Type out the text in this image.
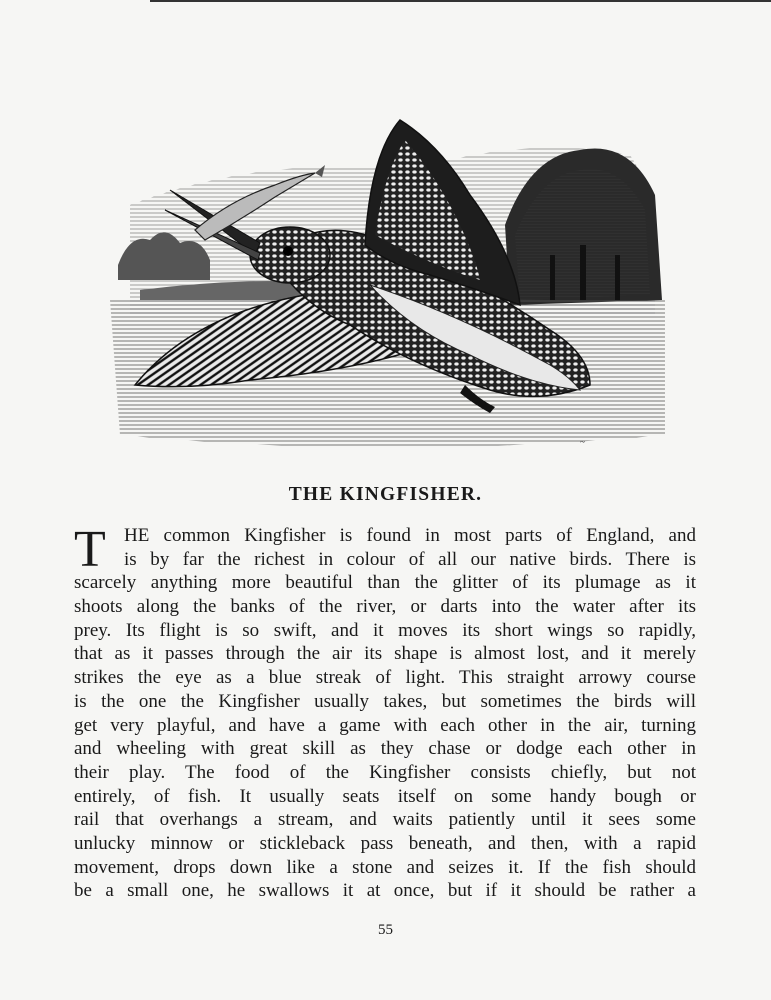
~
THE KINGFISHER.
T HE common Kingfisher is found in most parts of England, and
is by far the richest in colour of all our native birds. There is
scarcely anything more beautiful than the glitter of its plumage as it
shoots along the banks of the river, or darts into the water after its
prey. Its flight is so swift, and it moves its short wings so rapidly,
that as it passes through the air its shape is almost lost, and it merely
strikes the eye as a blue streak of light. This straight arrowy course
is the one the Kingfisher usually takes, but sometimes the birds will
get very playful, and have a game with each other in the air, turning
and wheeling with great skill as they chase or dodge each other in
their play. The food of the Kingfisher consists chiefly, but not
entirely, of fish. It usually seats itself on some handy bough or
rail that overhangs a stream, and waits patiently until it sees some
unlucky minnow or stickleback pass beneath, and then, with a rapid
movement, drops down like a stone and seizes it. If the fish should
be a small one, he swallows it at once, but if it should be rather a
55
